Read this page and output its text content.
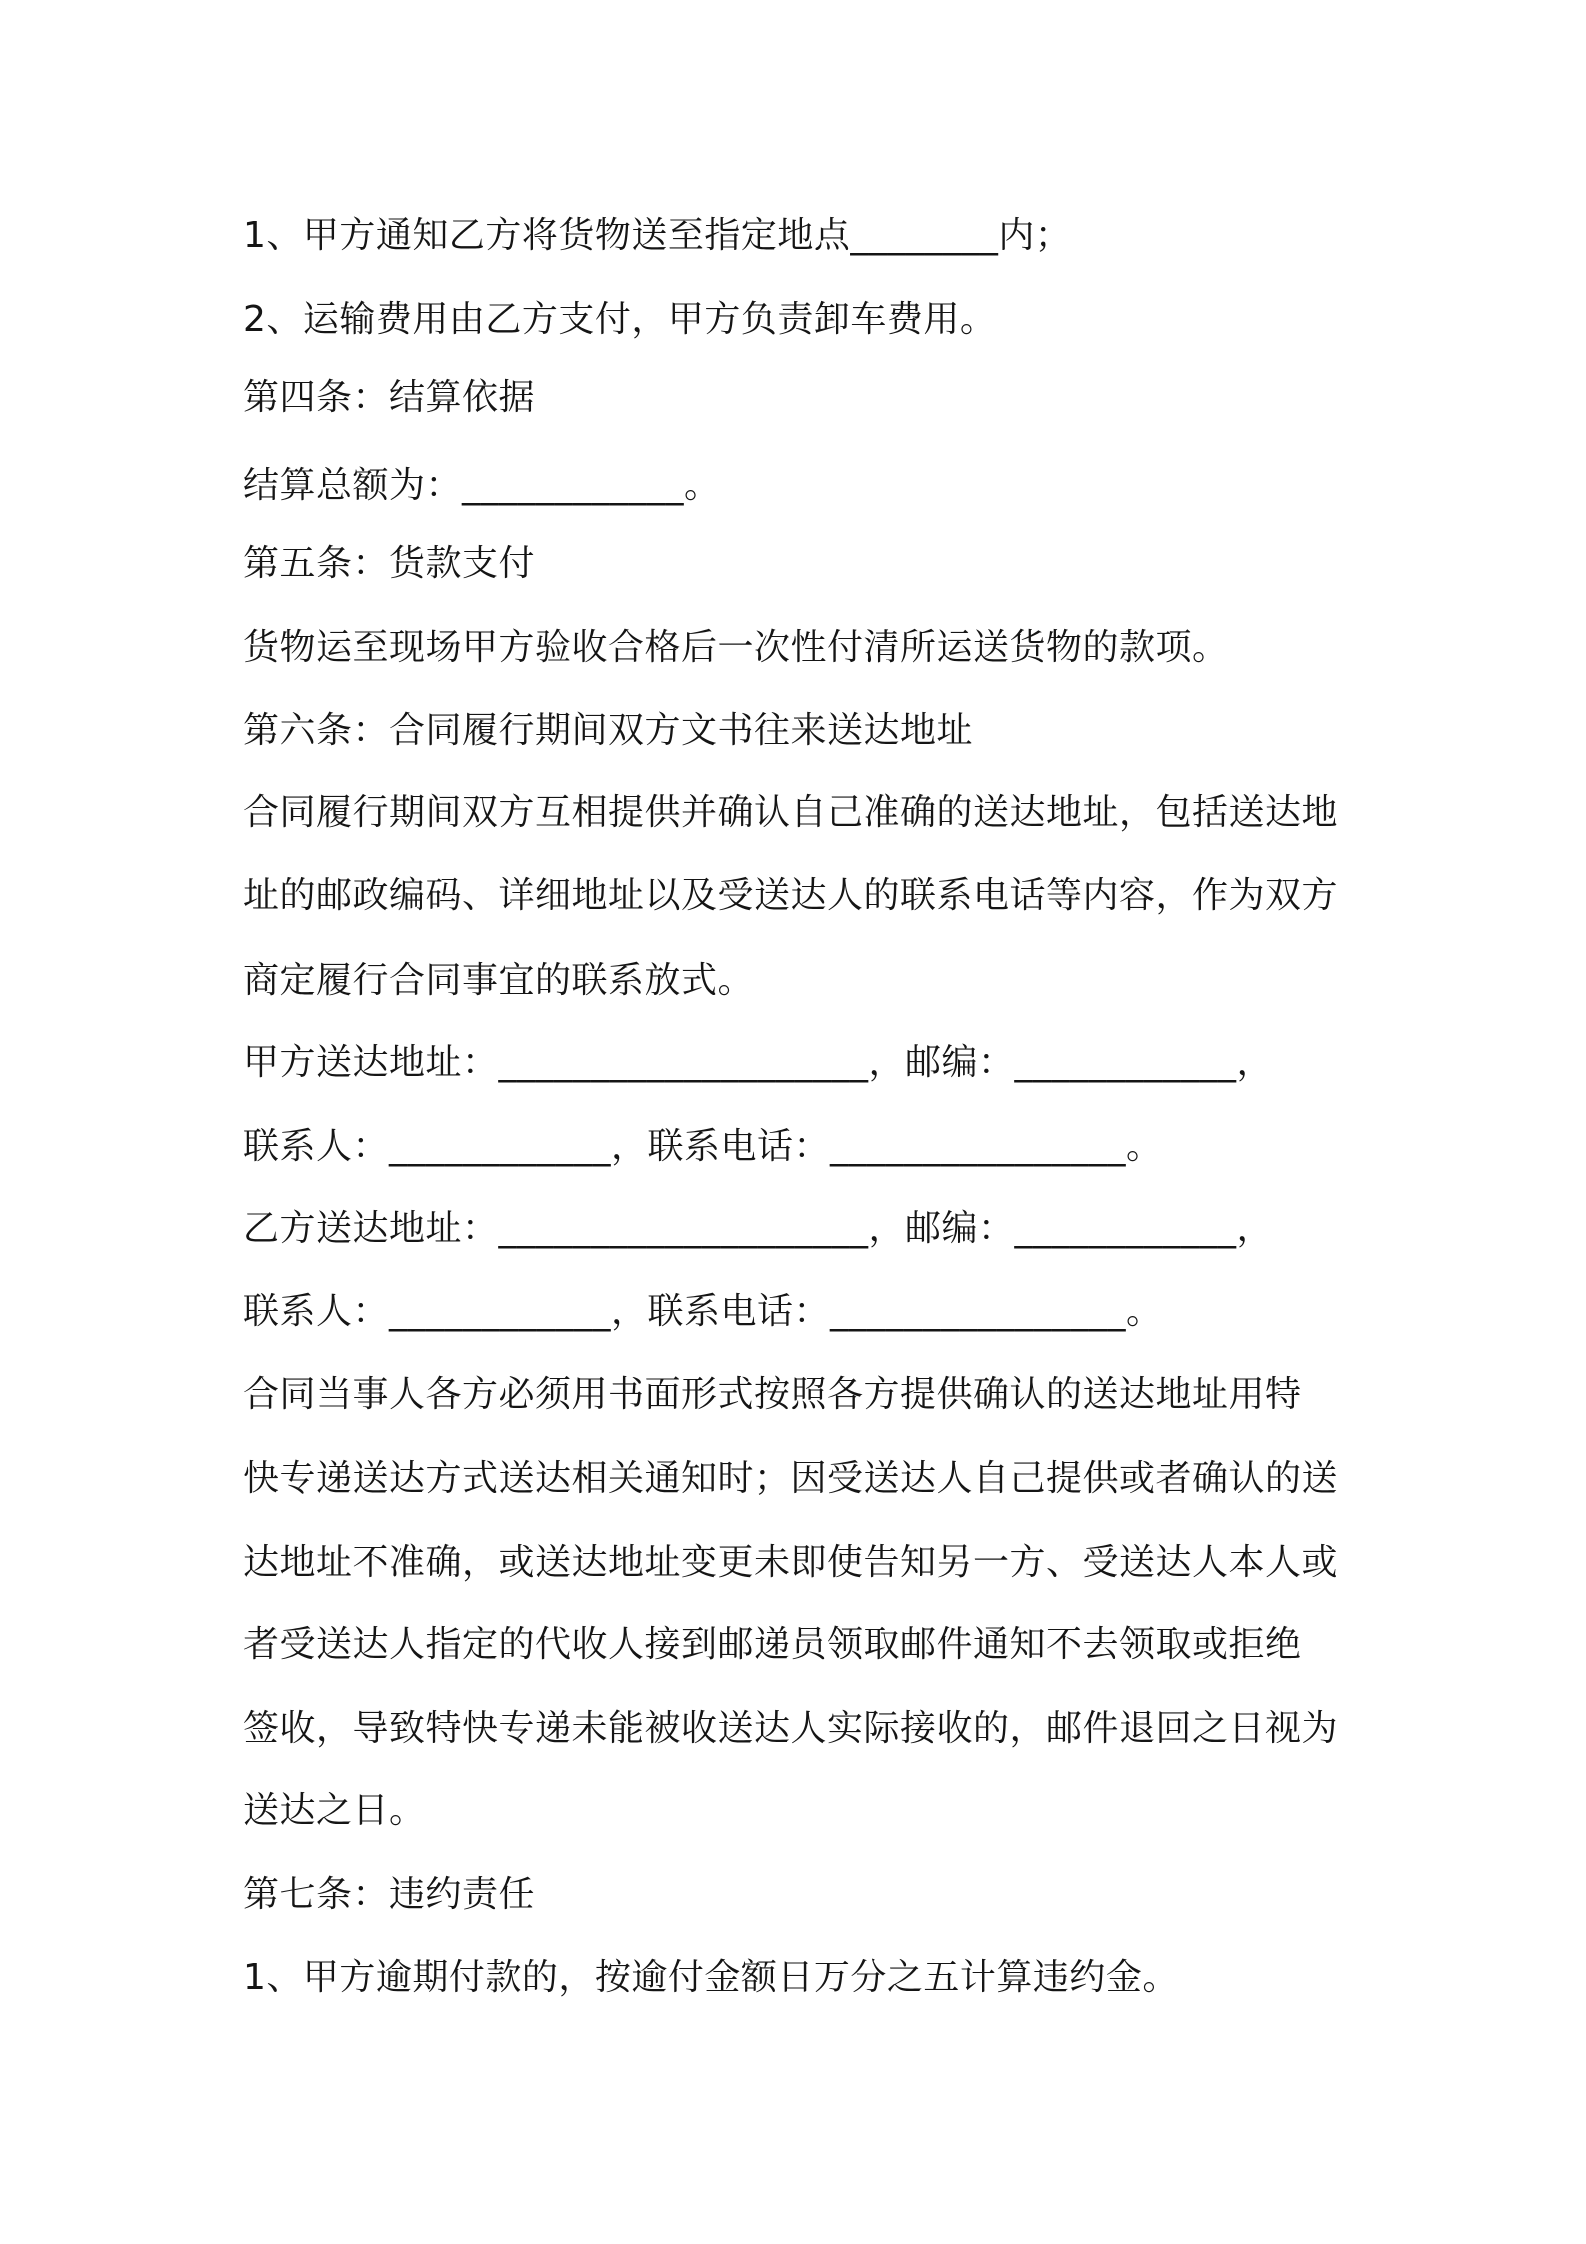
1、甲方通知乙方将货物送至指定地点________内；
2、运输费用由乙方支付，甲方负责卸车费用。
第四条：结算依据
结算总额为：____________。
第五条：货款支付
货物运至现场甲方验收合格后一次性付清所运送货物的款项。
第六条：合同履行期间双方文书往来送达地址
合同履行期间双方互相提供并确认自己准确的送达地址，包括送达地
址的邮政编码、详细地址以及受送达人的联系电话等内容，作为双方
商定履行合同事宜的联系放式。
甲方送达地址：____________________，邮编：____________，
联系人：____________，联系电话：________________。
乙方送达地址：____________________，邮编：____________，
联系人：____________，联系电话：________________。
合同当事人各方必须用书面形式按照各方提供确认的送达地址用特
快专递送达方式送达相关通知时；因受送达人自己提供或者确认的送
达地址不准确，或送达地址变更未即使告知另一方、受送达人本人或
者受送达人指定的代收人接到邮递员领取邮件通知不去领取或拒绝
签收，导致特快专递未能被收送达人实际接收的，邮件退回之日视为
送达之日。
第七条：违约责任
1、甲方逾期付款的，按逾付金额日万分之五计算违约金。
